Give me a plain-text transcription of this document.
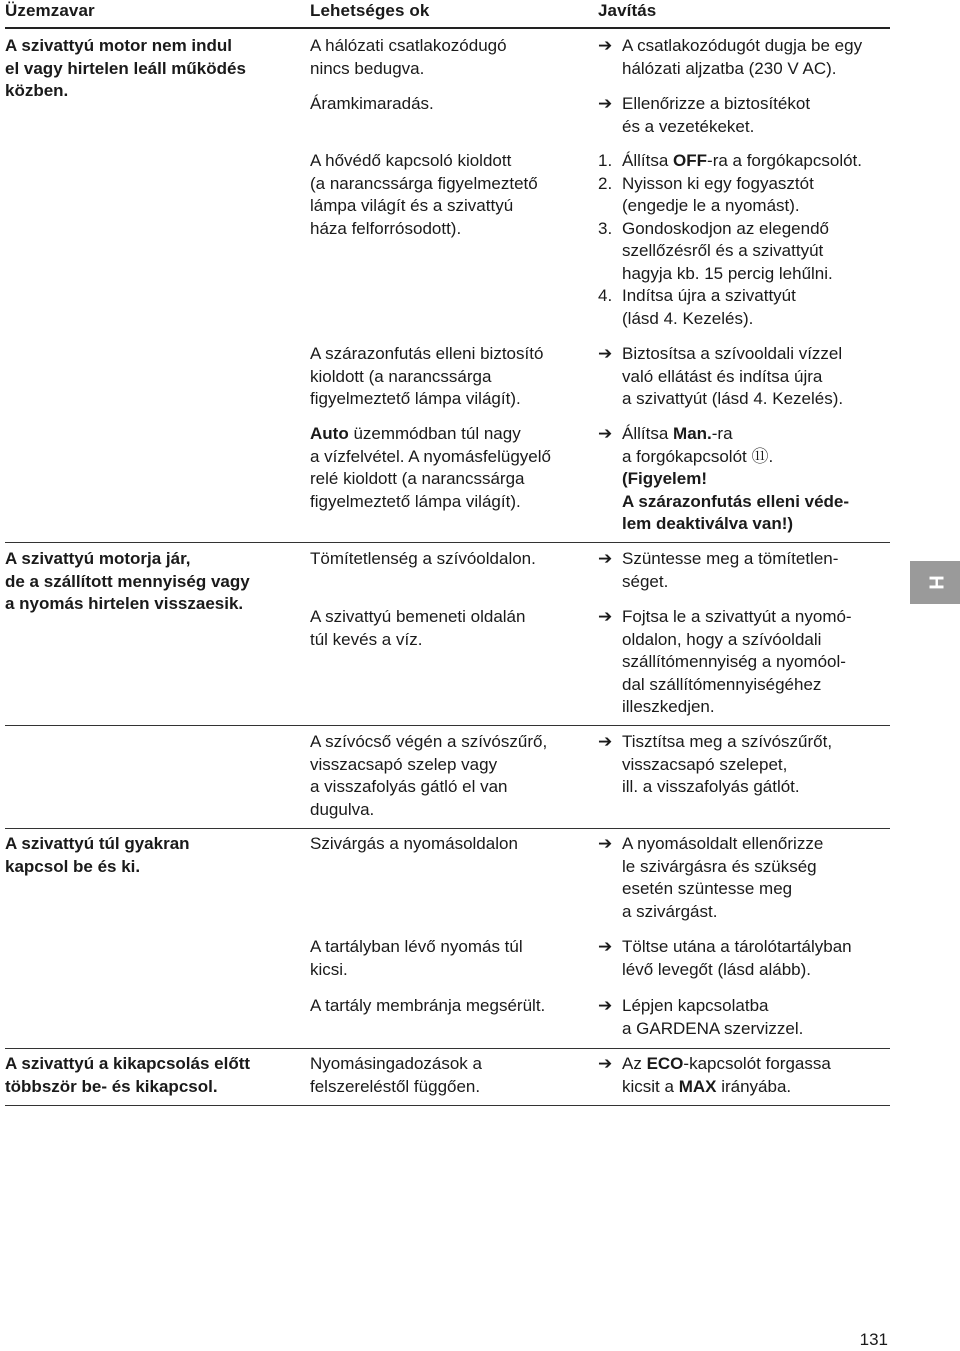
Üzemzavar	Lehetséges ok	Javítás
A szivattyú motor nem indul
el vagy hirtelen leáll működés
közben.
A szivattyú motorja jár,
de a szállított mennyiség vagy
a nyomás hirtelen visszaesik.
A szivattyú túl gyakran
kapcsol be és ki.
A szivattyú a kikapcsolás előtt
többször be- és kikapcsol.
A hálózati csatlakozódugó
nincs bedugva.
Áramkimaradás.
A hővédő kapcsoló kioldott
(a narancssárga figyelmeztető
lámpa világít és a szivattyú
háza felforrósodott).
A szárazonfutás elleni biztosító
kioldott (a narancssárga
figyelmeztető lámpa világít).
Auto üzemmódban túl nagy
a vízfelvétel. A nyomásfelügyelő
relé kioldott (a narancssárga
figyelmeztető lámpa világít).
Tömítetlenség a szívóoldalon.
A szivattyú bemeneti oldalán
túl kevés a víz.
A szívócső végén a szívószűrő,
visszacsapó szelep vagy
a visszafolyás gátló el van
dugulva.
Szivárgás a nyomásoldalon
A tartályban lévő nyomás túl
kicsi.
A tartály membránja megsérült.
Nyomásingadozások a
felszereléstől függően.
➔
➔
➔
➔
➔
➔
➔
➔
➔
➔
➔
A csatlakozódugót dugja be egy
hálózati aljzatba (230 V AC).
Ellenőrizze a biztosítékot
és a vezetékeket.
1. Állítsa OFF-ra a forgókapcsolót.
2. Nyisson ki egy fogyasztót
(engedje le a nyomást).
3. Gondoskodjon az elegendő
szellőzésről és a szivattyút
hagyja kb. 15 percig lehűlni.
4. Indítsa újra a szivattyút
(lásd 4. Kezelés).
Biztosítsa a szívooldali vízzel
való ellátást és indítsa újra
a szivattyút (lásd 4. Kezelés).
Állítsa Man.-ra
a forgókapcsolót ⑪.
(Figyelem!
A szárazonfutás elleni véde-
lem deaktiválva van!)
Szüntesse meg a tömítetlen-
séget.
Fojtsa le a szivattyút a nyomó-
oldalon, hogy a szívóoldali
szállítómennyiség a nyomóol-
dal szállítómennyiségéhez
illeszkedjen.
Tisztítsa meg a szívószűrőt,
visszacsapó szelepet,
ill. a visszafolyás gátlót.
A nyomásoldalt ellenőrizze
le szivárgásra és szükség
esetén szüntesse meg
a szivárgást.
Töltse utána a tárolótartályban
lévő levegőt (lásd alább).
Lépjen kapcsolatba
a GARDENA szervizzel.
Az ECO-kapcsolót forgassa
kicsit a MAX irányába.
H
131
